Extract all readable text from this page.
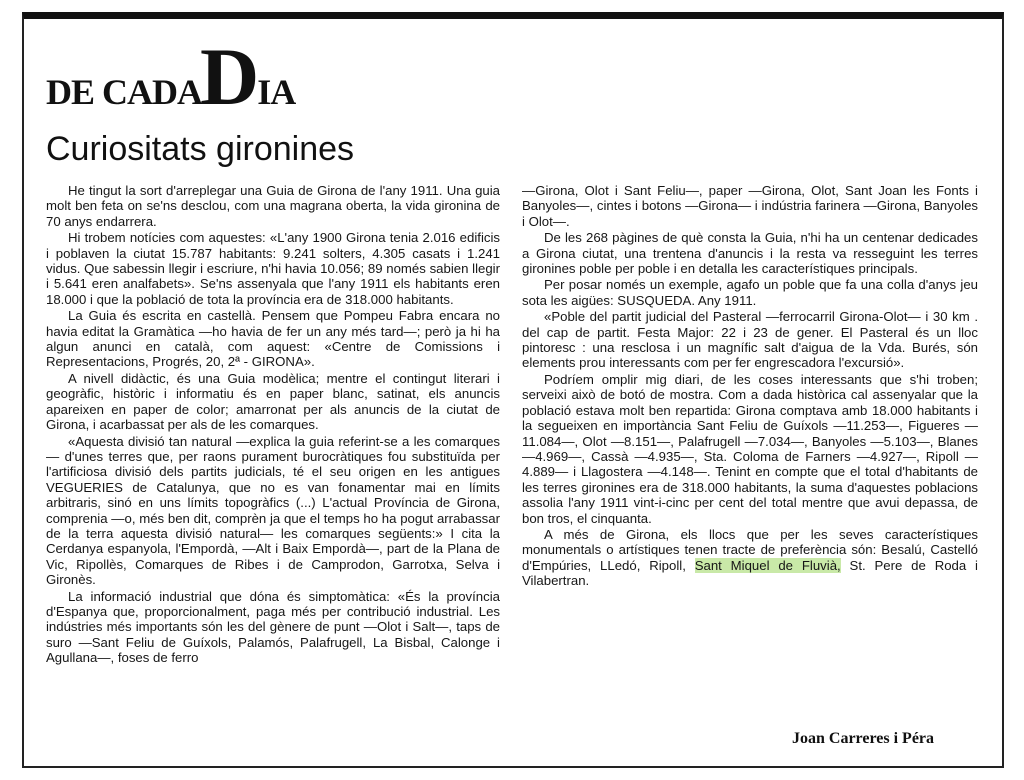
DE CADADIA
Curiositats gironines

He tingut la sort d'arreplegar una Guia de Girona de l'any 1911. Una guia molt ben feta on se'ns desclou, com una magrana oberta, la vida gironina de 70 anys endarrera.

Hi trobem notícies com aquestes: «L'any 1900 Girona tenia 2.016 edificis i poblaven la ciutat 15.787 habitants: 9.241 solters, 4.305 casats i 1.241 vidus. Que sabessin llegir i escriure, n'hi havia 10.056; 89 només sabien llegir i 5.641 eren analfabets». Se'ns assenyala que l'any 1911 els habitants eren 18.000 i que la població de tota la província era de 318.000 habitants.

La Guia és escrita en castellà. Pensem que Pompeu Fabra encara no havia editat la Gramàtica —ho havia de fer un any més tard—; però ja hi ha algun anunci en català, com aquest: «Centre de Comissions i Representacions, Progrés, 20, 2ª - GIRONA».

A nivell didàctic, és una Guia modèlica; mentre el contingut literari i geogràfic, històric i informatiu és en paper blanc, satinat, els anuncis apareixen en paper de color; amarronat per als anuncis de la ciutat de Girona, i acarbassat per als de les comarques.

«Aquesta divisió tan natural —explica la guia referint-se a les comarques— d'unes terres que, per raons purament burocràtiques fou substituïda per l'artificiosa divisió dels partits judicials, té el seu origen en les antigues VEGUERIES de Catalunya, que no es van fonamentar mai en límits arbitraris, sinó en uns límits topogràfics (...) L'actual Província de Girona, comprenia —o, més ben dit, comprèn ja que el temps ho ha pogut arrabassar de la terra aquesta divisió natural— les comarques següents:» I cita la Cerdanya espanyola, l'Empordà, —Alt i Baix Empordà—, part de la Plana de Vic, Ripollès, Comarques de Ribes i de Camprodon, Garrotxa, Selva i Gironès.

La informació industrial que dóna és simptomàtica: «És la província d'Espanya que, proporcionalment, paga més per contribució industrial. Les indústries més importants són les del gènere de punt —Olot i Salt—, taps de suro —Sant Feliu de Guíxols, Palamós, Palafrugell, La Bisbal, Calonge i Agullana—, foses de ferro

—Girona, Olot i Sant Feliu—, paper —Girona, Olot, Sant Joan les Fonts i Banyoles—, cintes i botons —Girona— i indústria farinera —Girona, Banyoles i Olot—.

De les 268 pàgines de què consta la Guia, n'hi ha un centenar dedicades a Girona ciutat, una trentena d'anuncis i la resta va resseguint les terres gironines poble per poble i en detalla les característiques principals.

Per posar només un exemple, agafo un poble que fa una colla d'anys jeu sota les aigües: SUSQUEDA. Any 1911.

«Poble del partit judicial del Pasteral —ferrocarril Girona-Olot— i 30 km . del cap de partit. Festa Major: 22 i 23 de gener. El Pasteral és un lloc pintoresc : una resclosa i un magnífic salt d'aigua de la Vda. Burés, són elements prou interessants com per fer engrescadora l'excursió».

Podríem omplir mig diari, de les coses interessants que s'hi troben; serveixi això de botó de mostra. Com a dada històrica cal assenyalar que la població estava molt ben repartida: Girona comptava amb 18.000 habitants i la segueixen en importància Sant Feliu de Guíxols —11.253—, Figueres —11.084—, Olot —8.151—, Palafrugell —7.034—, Banyoles —5.103—, Blanes —4.969—, Cassà —4.935—, Sta. Coloma de Farners —4.927—, Ripoll —4.889— i Llagostera —4.148—. Tenint en compte que el total d'habitants de les terres gironines era de 318.000 habitants, la suma d'aquestes poblacions assolia l'any 1911 vint-i-cinc per cent del total mentre que avui depassa, de bon tros, el cinquanta.

A més de Girona, els llocs que per les seves característiques monumentals o artístiques tenen tracte de preferència són: Besalú, Castelló d'Empúries, LLedó, Ripoll, Sant Miquel de Fluvià, St. Pere de Roda i Vilabertran.

Joan Carreres i Péra
